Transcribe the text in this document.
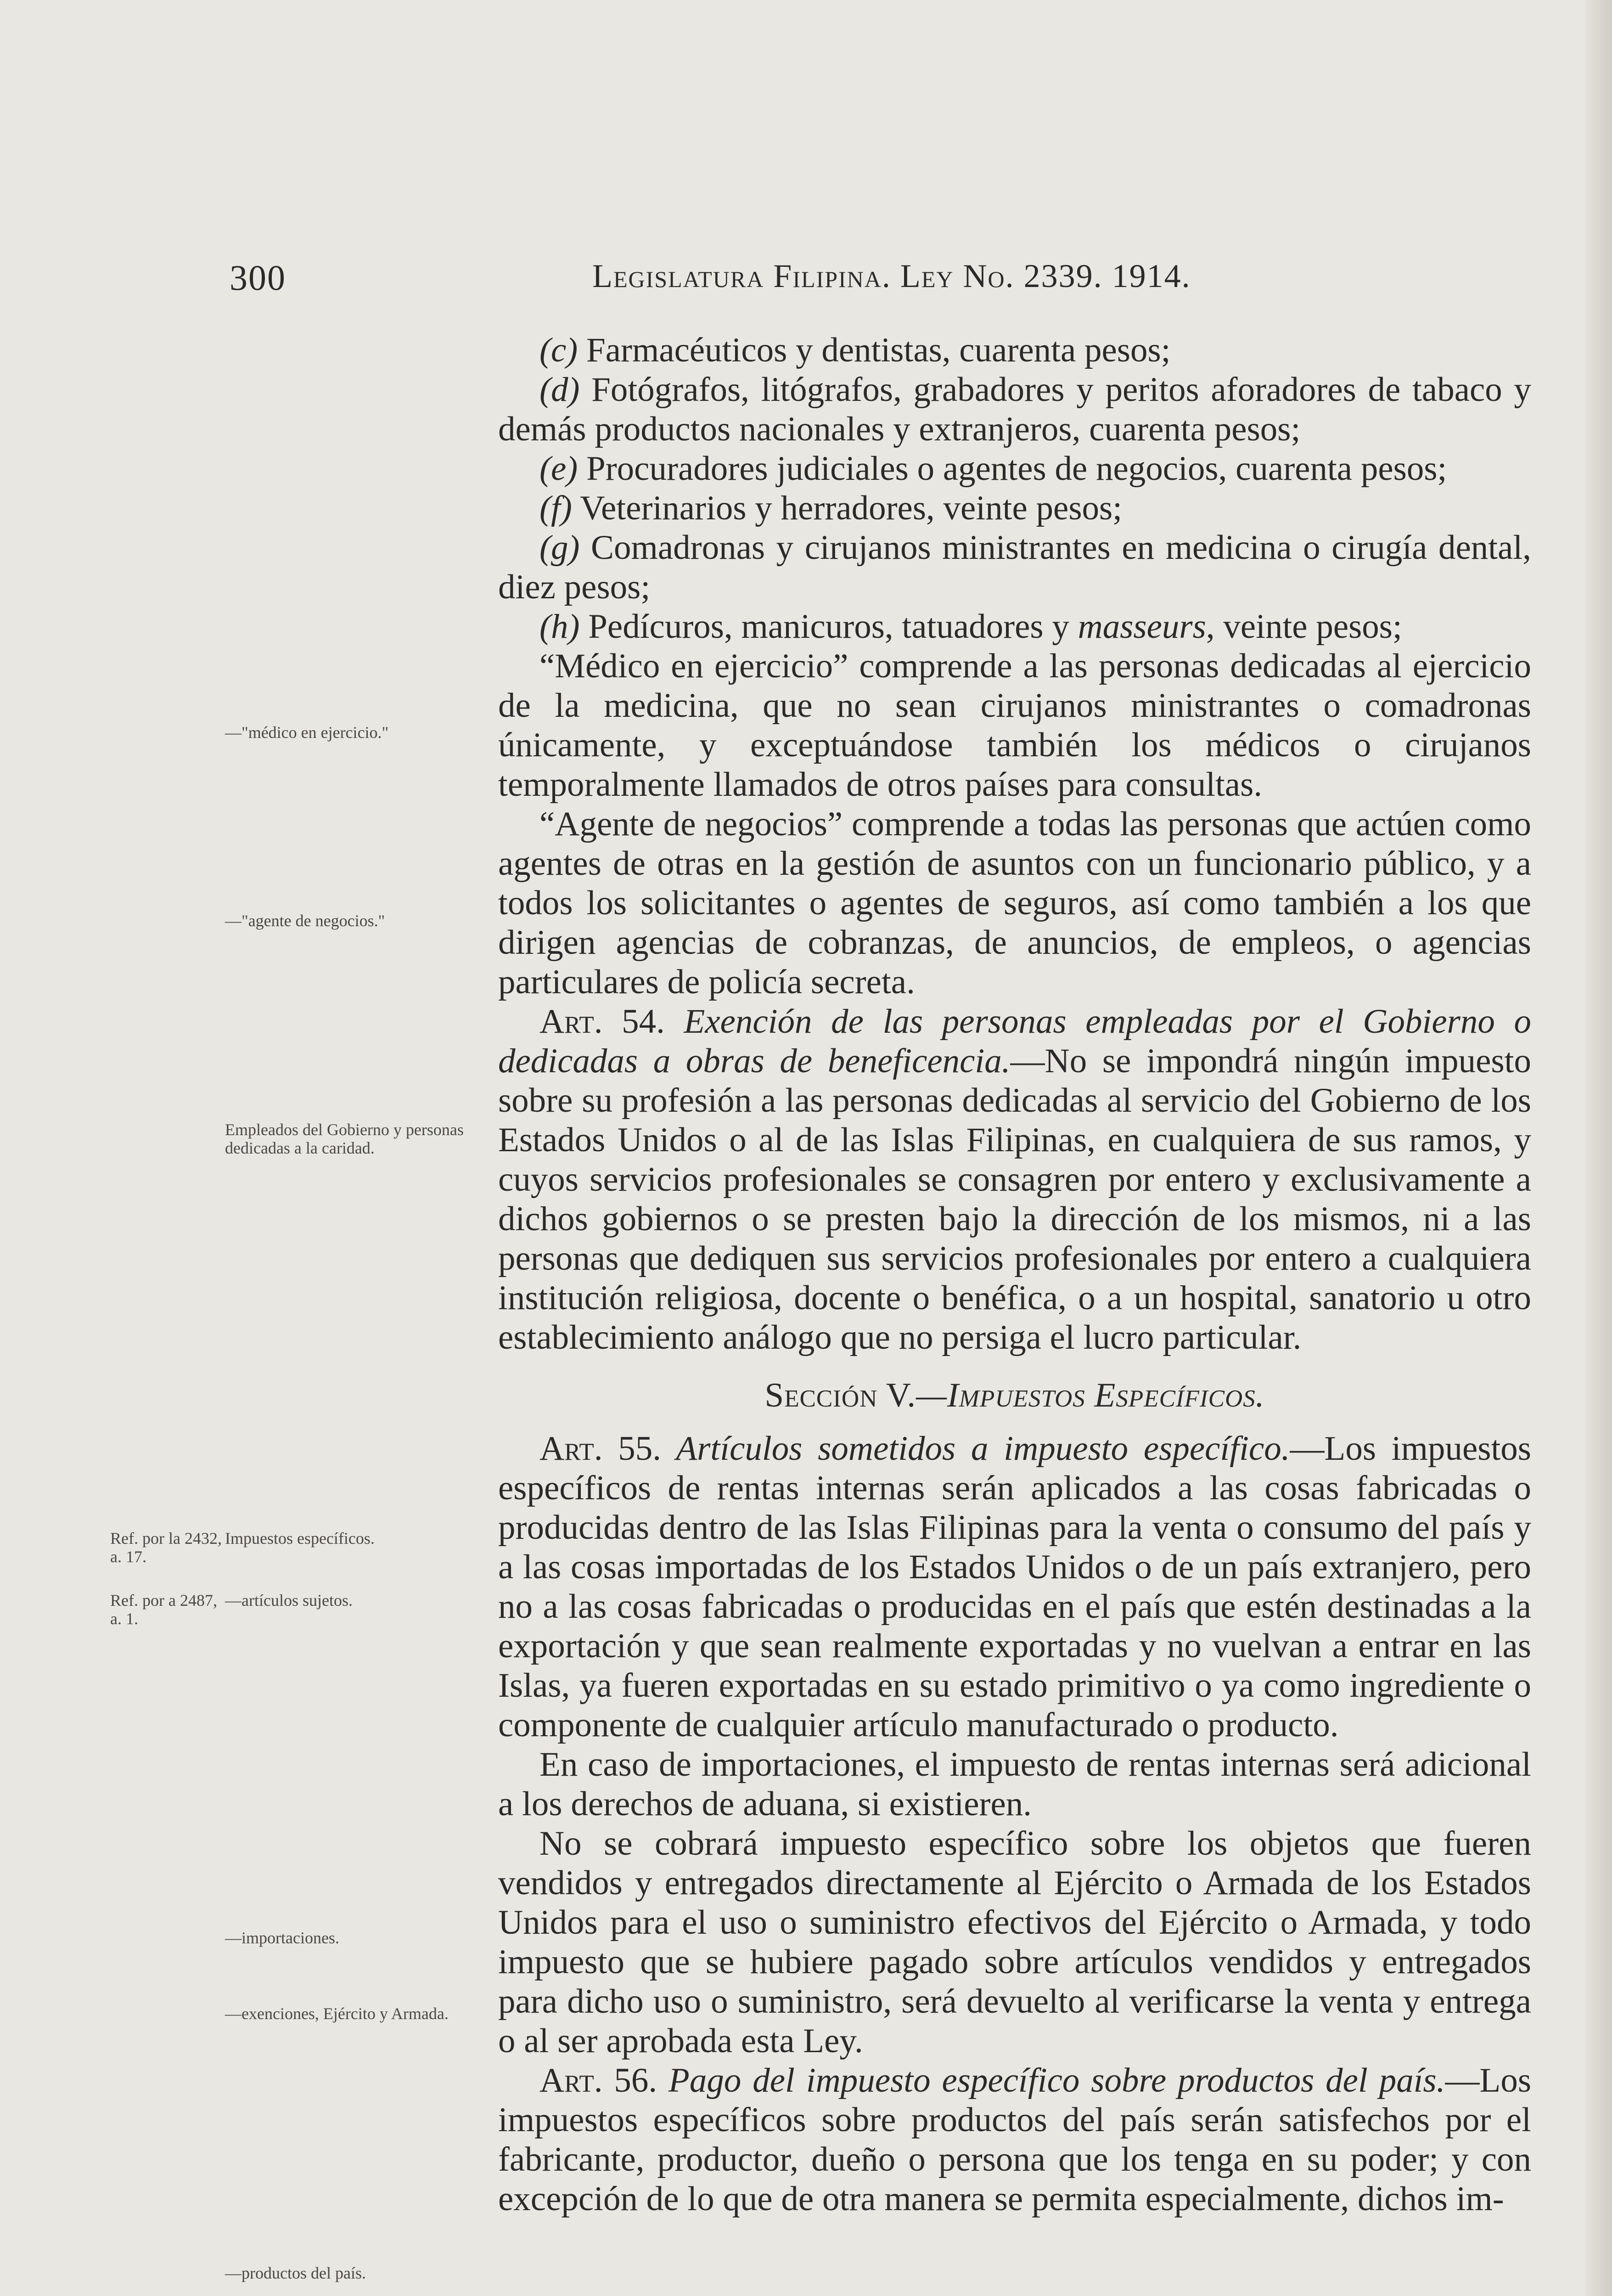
300	Legislatura Filipina. Ley No. 2339. 1914.
—"médico en ejercicio."
—"agente de negocios."
Empleados del Gobierno y personas dedicadas a la caridad.
Ref. por la 2432, a. 17.
Ref. por a 2487, a. 1.
Impuestos específicos.
—artículos sujetos.
—importaciones.
—exenciones, Ejército y Armada.
—productos del país.

(c) Farmacéuticos y dentistas, cuarenta pesos;

(d) Fotógrafos, litógrafos, grabadores y peritos aforadores de tabaco y demás productos nacionales y extranjeros, cuarenta pesos;

(e) Procuradores judiciales o agentes de negocios, cuarenta pesos;

(f) Veterinarios y herradores, veinte pesos;

(g) Comadronas y cirujanos ministrantes en medicina o cirugía dental, diez pesos;

(h) Pedícuros, manicuros, tatuadores y masseurs, veinte pesos;

“Médico en ejercicio” comprende a las personas dedicadas al ejercicio de la medicina, que no sean cirujanos ministrantes o comadronas únicamente, y exceptuándose también los médicos o cirujanos temporalmente llamados de otros países para consultas.

“Agente de negocios” comprende a todas las personas que actúen como agentes de otras en la gestión de asuntos con un funcionario público, y a todos los solicitantes o agentes de seguros, así como también a los que dirigen agencias de cobranzas, de anuncios, de empleos, o agencias particulares de policía secreta.

Art. 54. Exención de las personas empleadas por el Gobierno o dedicadas a obras de beneficencia.—No se impondrá ningún impuesto sobre su profesión a las personas dedicadas al servicio del Gobierno de los Estados Unidos o al de las Islas Filipinas, en cualquiera de sus ramos, y cuyos servicios profesionales se consagren por entero y exclusivamente a dichos gobiernos o se presten bajo la dirección de los mismos, ni a las personas que dediquen sus servicios profesionales por entero a cualquiera institución religiosa, docente o benéfica, o a un hospital, sanatorio u otro establecimiento análogo que no persiga el lucro particular.

Sección V.—Impuestos Específicos.

Art. 55. Artículos sometidos a impuesto específico.—Los impuestos específicos de rentas internas serán aplicados a las cosas fabricadas o producidas dentro de las Islas Filipinas para la venta o consumo del país y a las cosas importadas de los Estados Unidos o de un país extranjero, pero no a las cosas fabricadas o producidas en el país que estén destinadas a la exportación y que sean realmente exportadas y no vuelvan a entrar en las Islas, ya fueren exportadas en su estado primitivo o ya como ingrediente o componente de cualquier artículo manufacturado o producto.

En caso de importaciones, el impuesto de rentas internas será adicional a los derechos de aduana, si existieren.

No se cobrará impuesto específico sobre los objetos que fueren vendidos y entregados directamente al Ejército o Armada de los Estados Unidos para el uso o suministro efectivos del Ejército o Armada, y todo impuesto que se hubiere pagado sobre artículos vendidos y entregados para dicho uso o suministro, será devuelto al verificarse la venta y entrega o al ser aprobada esta Ley.

Art. 56. Pago del impuesto específico sobre productos del país.—Los impuestos específicos sobre productos del país serán satisfechos por el fabricante, productor, dueño o persona que los tenga en su poder; y con excepción de lo que de otra manera se permita especialmente, dichos im-
